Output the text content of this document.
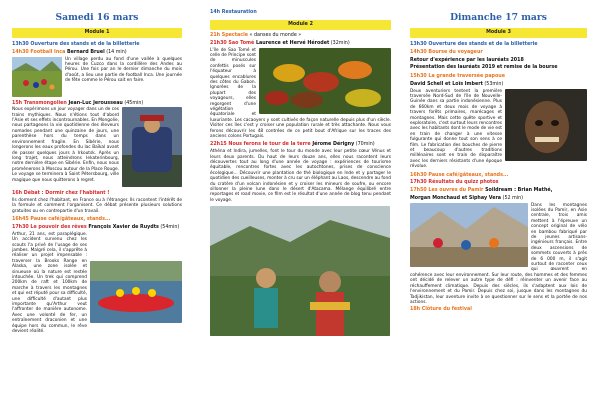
Samedi 16 mars
Module 1
13h30 Ouverture des stands et de la billetterie
14h30 Football Inca Bernard Bruel (14 min)
Un village perdu au fond d'une vallée à quelques heures de Cuzco dans la cordillère des Andes au Pérou. Une fois par an le dernier dimanche du mois d'août, a lieu une partie de football Inca. Une journée de fête comme le Pérou sait en faire.
15h Transmongolien Jean-Luc Jerousseau (45min)
Nous expérimons un jour voyager dans un de ces trains mythiques. Nous n'étions tout d'abord l'Asie et ses effets incontrournables. En Mongolie, nous partageons la vie quotidienne des éleveurs nomades pendant une quinzaine de jours, une parenthèse hors du temps dans un environnement fragile. En Sibérie, nous longerons les eaux profondes du lac Baïkal avant de passer quelques jours à Irkoutsk. Après un long trajet, nous atteindrons Iekaterinbourg, notre dernière étape en Sibérie. Enfin, nous nous promènerons à Moscou autour de la Place Rouge. Le voyage se terminera à Saint Pétersbourg, ville magique que nous quitterons à regret.
16h Débat : Dormir chez l'habitant !
Ils dorment chez l'habitant, en France ou à l'étranger. Ils racontent l'intérêt de la formule et comment l'organisent. Ce débat présente plusieurs solutions gratuites ou en contrepartie d'un travail.
16h45 Pause café/gâteaux, stands...
17h30 Le pouvoir des rêves François Xavier de Ruydts (54min)
Arthur, 21 ans, est paraplégique. Un accident survenu chez les scouts l'a privé de l'usage de ses jambes. Malgré cela, il s'apprête à réaliser un projet impensable : traverser la Brooks Range en Alaska, une zone isolée et sinueuse où la nature est restée intouchée. Un trek qui comprend 200km de raft et 100km de marche à travers les montagnes et qui est réputé pour sa difficulté, une difficulté d'autant plus importante qu'Arthur veut l'affronter de manière autonome. Avec une volonté de fer, un entraînement draconien et une équipe hors du commun, le rêve devient réalité.
14h Restauration
Module 2
21h Spectacle « danses du monde »
21h30 Sao Tomé Laurence et Hervé Hérodet (32min)
L'île de Sao Tomé et celle de Principe sont de minuscules confettis posés sur l'équateur à quelques encablures des côtes du Gabon. Ignorées de la plupart des voyageurs, elles regorgent d'une végétation équatoriale et luxuriante. Les cacaoyers y sont cultivés de façon naturelle depuis plus d'un siècle. Visiter ces îles c'est y croiser une population rurale et très attachante. Nous vous ferons découvrir les 48 contrées de ce petit bout d'Afrique sur les traces des anciens colons Portugais.
22h15 Nous ferons le tour de la terre Jérome Dérigny (70min)
Athéna et Indira, jumelles, font le tour du monde avec leur petite cœur Vénus et leurs deux parents. Du haut de leurs douze ans, elles nous racontent leurs découvertes tout au long d'une année de voyage : expériences de tourisme équitable, rencontres fortes avec les autochtones, prises de conscience écologique... Découvrir une plantation de thé biologique en Inde et y partager le quotidien des cueilleuses, monter à cru sur un éléphant au Laos, descendre au fond du cratère d'un volcan indonésien et y croiser les mineurs de soufre, ou encore sillonner la pleine lune dans le désert d'Atacama. Mélange équilibré entre reportages et road movie, ce film est le résultat d'une année de blog tenu pendant le voyage.
Dimanche 17 mars
Module 3
13h30 Ouverture des stands et de la billetterie
14h30 Bourse du voyageur
Retour d'expérience par les lauréats 2018
Présentation des lauréats 2019 et remise de la bourse
15h30 La grande traversée papoue
David Schell et Loïs Imbert (53min)
Deux aventuriers tentent la première traversée Nord-Sud de l'île de Nouvelle-Guinée dans sa partie indonésienne. Plus de 660km et deux mois de voyage à travers forêts primaires, marécages et montagnes. Mais cette quête sportive et exploratoire, c'est surtout leurs rencontres avec les habitants dont le mode de vie est en train de changer à une vitesse fulgurante qui donne tout son sens à ce film. Le fabrication des bouches de pierre et beaucoup d'autres traditions millénaires sont en train de disparaître avec les derniers résistants d'une époque révolue.
16h30 Pause café/gâteaux, stands...
17h30 Résultats du quizz photos
17h50 Les ouvres du Pamir Soildream : Brian Mathé,
Morgan Monchaud et Siphay Vera (52 min)
Dans les montagnes isolées du Pamir, en Asie centrale, trois amis mettent à l'épreuve un concept original de vélo en bambou fabriqué par de jeunes artisans-ingénieurs français. Entre deux ascensions de sommets couverts à près de 6 000 m, il s'agit surtout de raconter ceux qui œuvrent en cohérence avec leur environnement. Sur leur route, des hommes et des femmes ont décidé de relever un autre type de défi : réinventer un avenir face au réchauffement climatique. Depuis des siècles, ils s'adaptent aux lois de l'environnement et du Pamir. Depuis chez soi, jusque dans les montagnes du Tadjikistan, leur aventure invite à se questionner sur le sens et la portée de nos actions.
18h Clôture du festival
